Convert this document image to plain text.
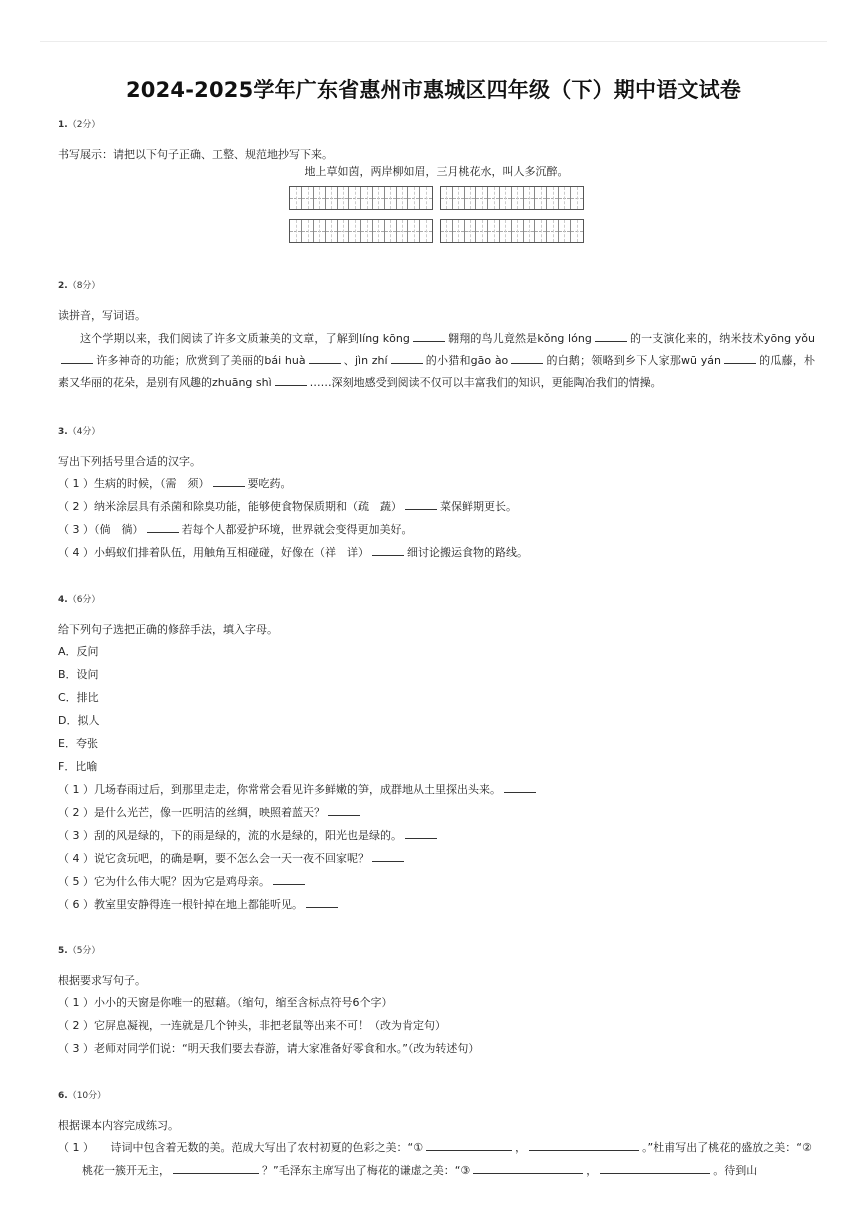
2024-2025学年广东省惠州市惠城区四年级（下）期中语文试卷
1.（2分）
书写展示：请把以下句子正确、工整、规范地抄写下来。
地上草如茵，两岸柳如眉，三月桃花水，叫人多沉醉。
2.（8分）
读拼音，写词语。

这个学期以来，我们阅读了许多文质兼美的文章，了解到líng kōng	翱翔的鸟儿竟然是kǒng lóng	的一支演化来的，纳米技术yōng yǒu许多神奇的功能；欣赏到了美丽的bái huà	、jìn zhí	的小猎和gāo ào	的白鹅；领略到乡下人家那wū yán	的瓜藤，朴素又华丽的花朵，是别有风趣的zhuāng shì	……深刻地感受到阅读不仅可以丰富我们的知识，更能陶冶我们的情操。

3.（4分）
写出下列括号里合适的汉字。
（ 1 ）生病的时候，（需　须）	要吃药。
（ 2 ）纳米涂层具有杀菌和除臭功能，能够使食物保质期和（疏　蔬）	菜保鲜期更长。
（ 3 ）（倘　徜）	若每个人都爱护环境，世界就会变得更加美好。
（ 4 ）小蚂蚁们排着队伍，用触角互相碰碰，好像在（祥　详）	细讨论搬运食物的路线。
4.（6分）
给下列句子选把正确的修辞手法，填入字母。
A．反问
B．设问
C．排比
D．拟人
E．夸张
F．比喻
（ 1 ）几场春雨过后，到那里走走，你常常会看见许多鲜嫩的笋，成群地从土里探出头来。
（ 2 ）是什么光芒，像一匹明洁的丝绸，映照着蓝天？
（ 3 ）刮的风是绿的，下的雨是绿的，流的水是绿的，阳光也是绿的。
（ 4 ）说它贪玩吧，的确是啊，要不怎么会一天一夜不回家呢？
（ 5 ）它为什么伟大呢？因为它是鸡母亲。
（ 6 ）教室里安静得连一根针掉在地上都能听见。
5.（5分）
根据要求写句子。
（ 1 ）小小的天窗是你唯一的慰藉。（缩句，缩至含标点符号6个字）
（ 2 ）它屏息凝视，一连就是几个钟头，非把老鼠等出来不可！（改为肯定句）
（ 3 ）老师对同学们说：“明天我们要去春游，请大家准备好零食和水。”（改为转述句）
6.（10分）
根据课本内容完成练习。
（ 1 ）　　诗词中包含着无数的美。范成大写出了农村初夏的色彩之美：“①	，	。”杜甫写出了桃花的盛放之美：“②桃花一簇开无主，	？”毛泽东主席写出了梅花的谦虚之美：“③	，	。待到山
